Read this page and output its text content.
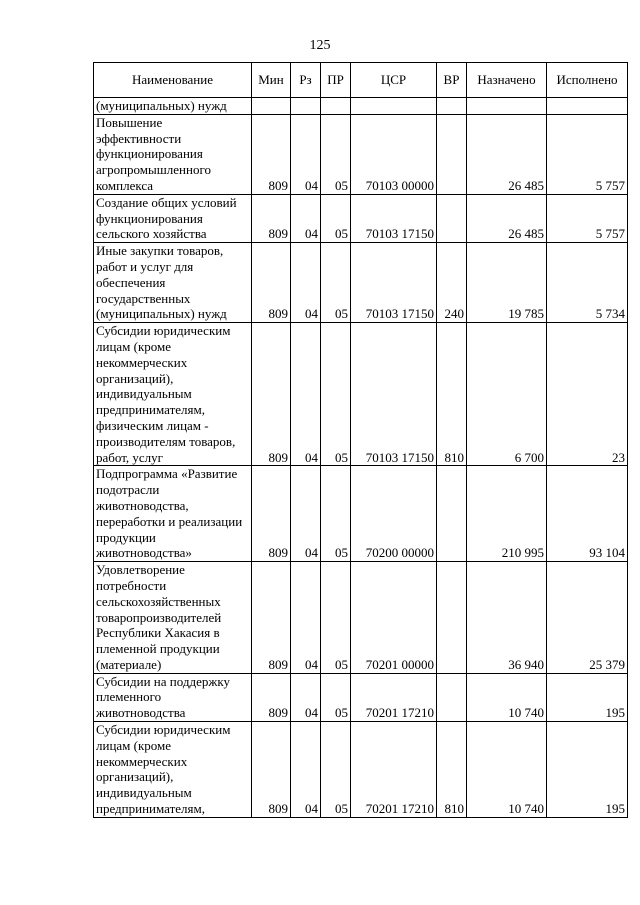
125
Наименование	Мин	Рз	ПР	ЦСР	ВР	Назначено	Исполнено
(муниципальных) нужд							
Повышение эффективности функционирования агропромышленного комплекса	809	04	05	70103 00000		26 485	5 757
Создание общих условий функционирования сельского хозяйства	809	04	05	70103 17150		26 485	5 757
Иные закупки товаров, работ и услуг для обеспечения государственных (муниципальных) нужд	809	04	05	70103 17150	240	19 785	5 734
Субсидии юридическим лицам (кроме некоммерческих организаций), индивидуальным предпринимателям, физическим лицам - производителям товаров, работ, услуг	809	04	05	70103 17150	810	6 700	23
Подпрограмма «Развитие подотрасли животноводства, переработки и реализации продукции животноводства»	809	04	05	70200 00000		210 995	93 104
Удовлетворение потребности сельскохозяйственных товаропроизводителей Республики Хакасия в племенной продукции (материале)	809	04	05	70201 00000		36 940	25 379
Субсидии на поддержку племенного животноводства	809	04	05	70201 17210		10 740	195
Субсидии юридическим лицам (кроме некоммерческих организаций), индивидуальным предпринимателям,	809	04	05	70201 17210	810	10 740	195
